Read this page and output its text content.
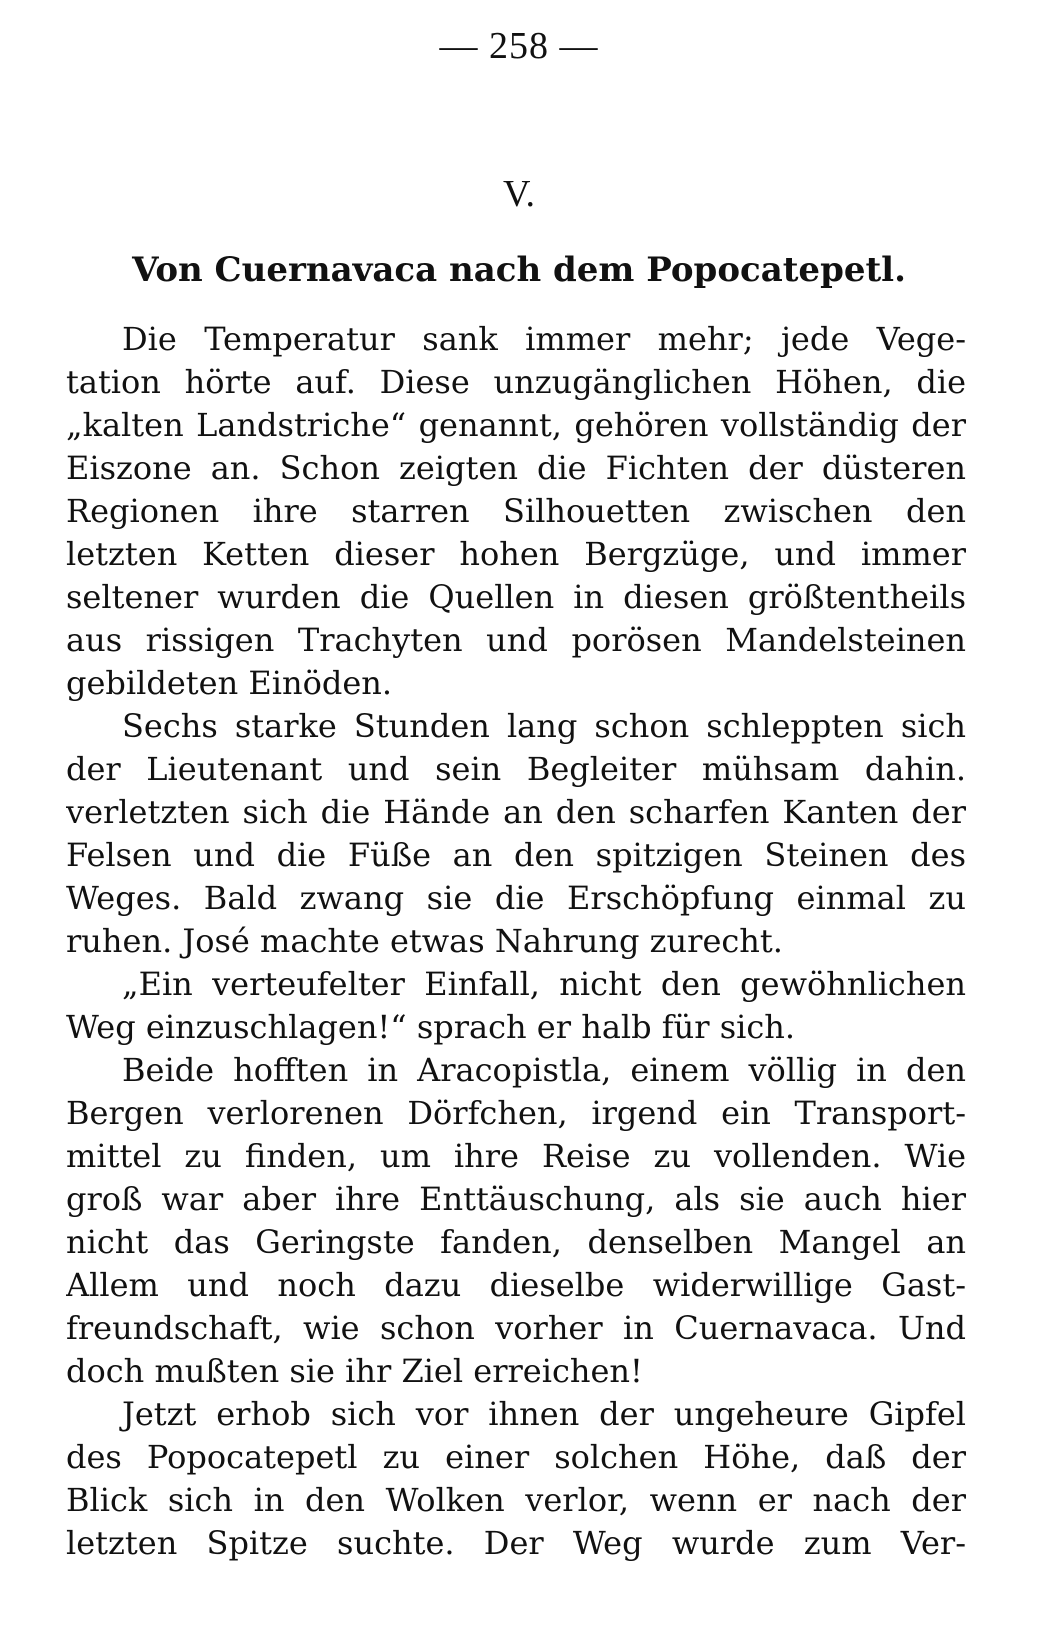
— 258 —
V.
Von Cuernavaca nach dem Popocatepetl.
Die Temperatur sank immer mehr; jede Vege-
tation hörte auf. Diese unzugänglichen Höhen, die
„kalten Landstriche“ genannt, gehören vollständig der
Eiszone an. Schon zeigten die Fichten der düsteren
Regionen ihre starren Silhouetten zwischen den
letzten Ketten dieser hohen Bergzüge, und immer
seltener wurden die Quellen in diesen größtentheils
aus rissigen Trachyten und porösen Mandelsteinen
gebildeten Einöden.
Sechs starke Stunden lang schon schleppten sich
der Lieutenant und sein Begleiter mühsam dahin.
verletzten sich die Hände an den scharfen Kanten der
Felsen und die Füße an den spitzigen Steinen des
Weges. Bald zwang sie die Erschöpfung einmal zu
ruhen. José machte etwas Nahrung zurecht.
„Ein verteufelter Einfall, nicht den gewöhnlichen
Weg einzuschlagen!“ sprach er halb für sich.
Beide hofften in Aracopistla, einem völlig in den
Bergen verlorenen Dörfchen, irgend ein Transport-
mittel zu finden, um ihre Reise zu vollenden. Wie
groß war aber ihre Enttäuschung, als sie auch hier
nicht das Geringste fanden, denselben Mangel an
Allem und noch dazu dieselbe widerwillige Gast-
freundschaft, wie schon vorher in Cuernavaca. Und
doch mußten sie ihr Ziel erreichen!
Jetzt erhob sich vor ihnen der ungeheure Gipfel
des Popocatepetl zu einer solchen Höhe, daß der
Blick sich in den Wolken verlor, wenn er nach der
letzten Spitze suchte. Der Weg wurde zum Ver-
